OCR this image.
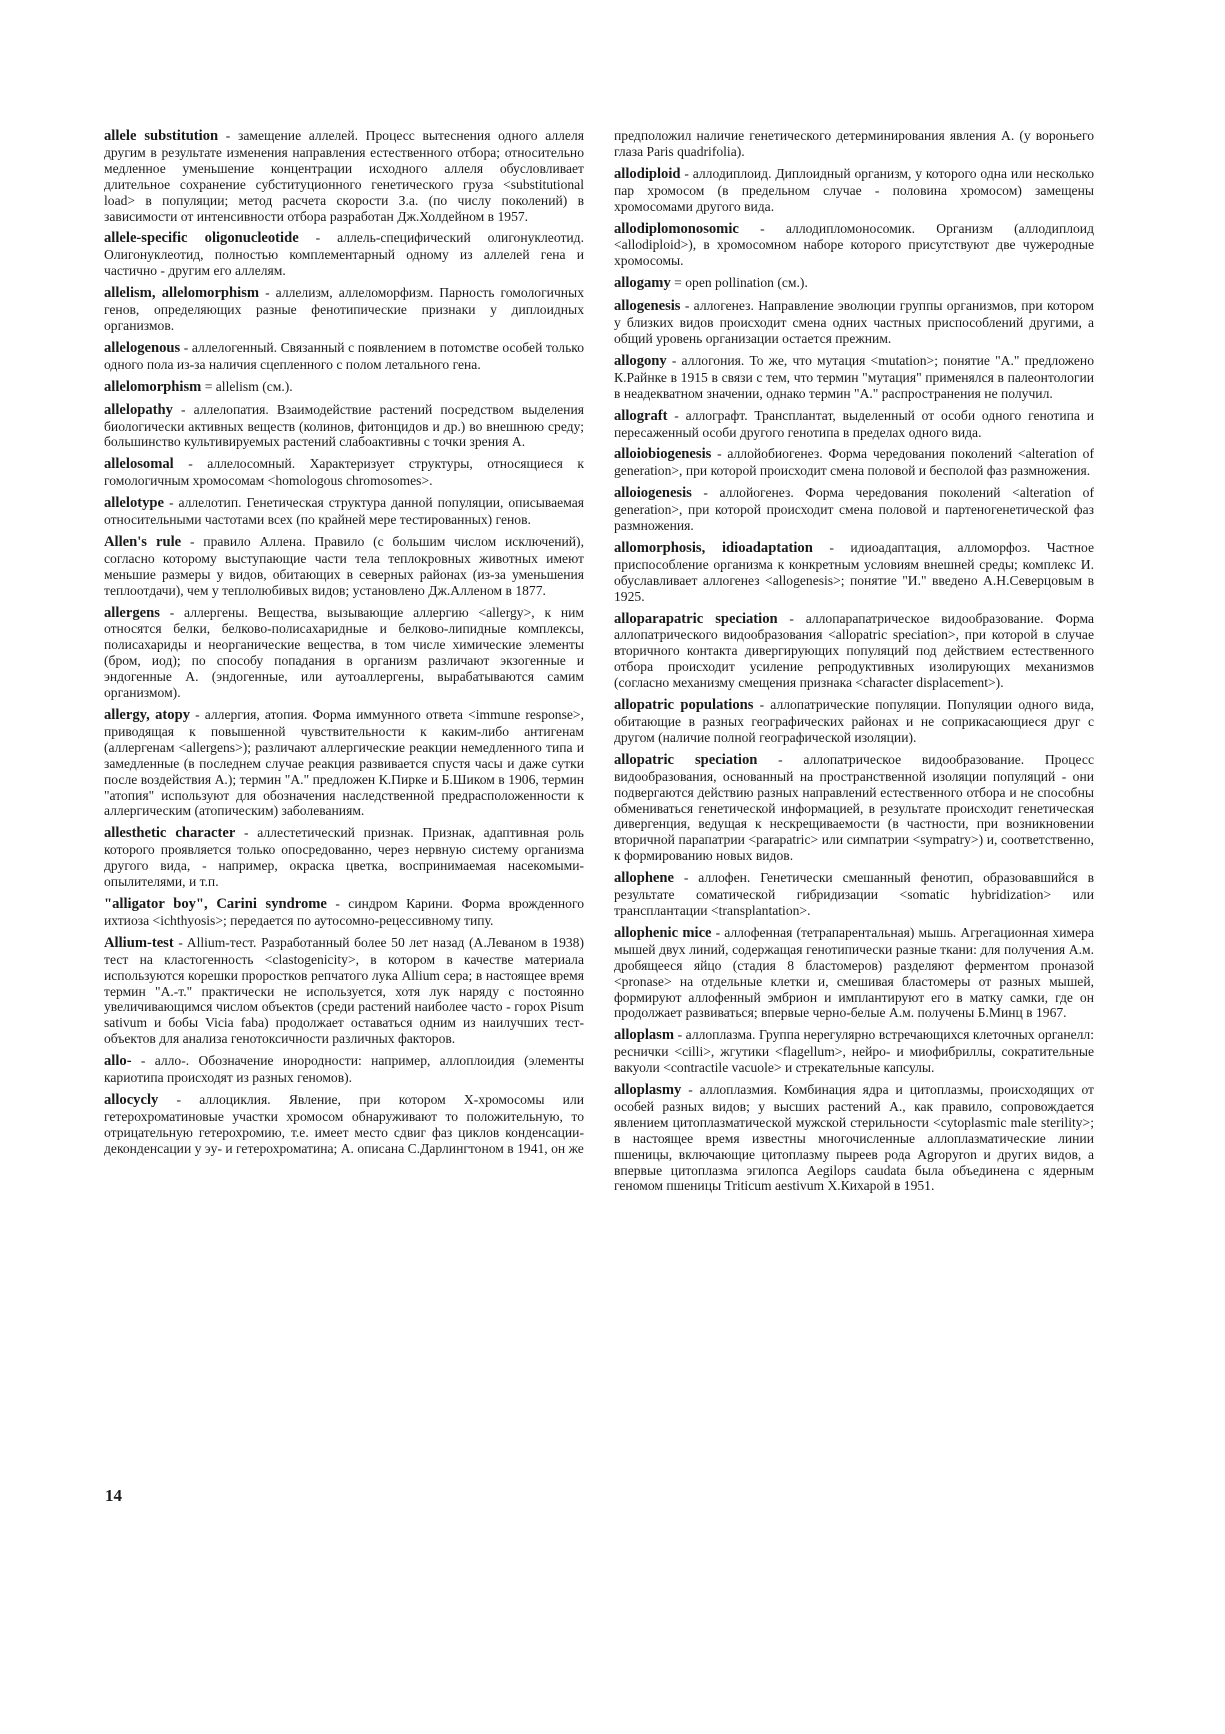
allele substitution - замещение аллелей. Процесс вытеснения одного аллеля другим в результате изменения направления естественного отбора; относительно медленное уменьшение концентрации исходного аллеля обусловливает длительное сохранение субституционного генетического груза <substitutional load> в популяции; метод расчета скорости З.а. (по числу поколений) в зависимости от интенсивности отбора разработан Дж.Холдейном в 1957.

allele-specific oligonucleotide - аллель-специфический олигонуклеотид. Олигонуклеотид, полностью комплементарный одному из аллелей гена и частично - другим его аллелям.

allelism, allelomorphism - аллелизм, аллеломорфизм. Парность гомологичных генов, определяющих разные фенотипические признаки у диплоидных организмов.

allelogenous - аллелогенный. Связанный с появлением в потомстве особей только одного пола из-за наличия сцепленного с полом летального гена.

allelomorphism = allelism (см.).

allelopathy - аллелопатия. Взаимодействие растений посредством выделения биологически активных веществ (колинов, фитонцидов и др.) во внешнюю среду; большинство культивируемых растений слабоактивны с точки зрения А.

allelosomal - аллелосомный. Характеризует структуры, относящиеся к гомологичным хромосомам <homologous chromosomes>.

allelotype - аллелотип. Генетическая структура данной популяции, описываемая относительными частотами всех (по крайней мере тестированных) генов.

Allen's rule - правило Аллена. Правило (с большим числом исключений), согласно которому выступающие части тела теплокровных животных имеют меньшие размеры у видов, обитающих в северных районах (из-за уменьшения теплоотдачи), чем у теплолюбивых видов; установлено Дж.Алленом в 1877.

allergens - аллергены. Вещества, вызывающие аллергию <allergy>, к ним относятся белки, белково-полисахаридные и белково-липидные комплексы, полисахариды и неорганические вещества, в том числе химические элементы (бром, иод); по способу попадания в организм различают экзогенные и эндогенные А. (эндогенные, или аутоаллергены, вырабатываются самим организмом).

allergy, atopy - аллергия, атопия. Форма иммунного ответа <immune response>, приводящая к повышенной чувствительности к каким-либо антигенам (аллергенам <allergens>); различают аллергические реакции немедленного типа и замедленные (в последнем случае реакция развивается спустя часы и даже сутки после воздействия А.); термин "А." предложен К.Пирке и Б.Шиком в 1906, термин "атопия" используют для обозначения наследственной предрасположенности к аллергическим (атопическим) заболеваниям.

allesthetic character - аллестетический признак. Признак, адаптивная роль которого проявляется только опосредованно, через нервную систему организма другого вида, - например, окраска цветка, воспринимаемая насекомыми-опылителями, и т.п.

"alligator boy", Carini syndrome - синдром Карини. Форма врожденного ихтиоза <ichthyosis>; передается по аутосомно-рецессивному типу.

Allium-test - Allium-тест. Разработанный более 50 лет назад (А.Леваном в 1938) тест на кластогенность <clastogenicity>, в котором в качестве материала используются корешки проростков репчатого лука Allium cepa; в настоящее время термин "А.-т." практически не используется, хотя лук наряду с постоянно увеличивающимся числом объектов (среди растений наиболее часто - горох Pisum sativum и бобы Vicia faba) продолжает оставаться одним из наилучших тест-объектов для анализа генотоксичности различных факторов.

allo- - алло-. Обозначение инородности: например, аллоплоидия (элементы кариотипа происходят из разных геномов).

allocycly - аллоциклия. Явление, при котором Х-хромосомы или гетерохроматиновые участки хромосом обнаруживают то положительную, то отрицательную гетерохромию, т.е. имеет место сдвиг фаз циклов конденсации-деконденсации у эу- и гетерохроматина; А. описана С.Дарлингтоном в 1941, он же

предположил наличие генетического детерминирования явления А. (у вороньего глаза Paris quadrifolia).

allodiploid - аллодиплоид. Диплоидный организм, у которого одна или несколько пар хромосом (в предельном случае - половина хромосом) замещены хромосомами другого вида.

allodiplomonosomic - аллодипломоносомик. Организм (аллодиплоид <allodiploid>), в хромосомном наборе которого присутствуют две чужеродные хромосомы.

allogamy = open pollination (см.).

allogenesis - аллогенез. Направление эволюции группы организмов, при котором у близких видов происходит смена одних частных приспособлений другими, а общий уровень организации остается прежним.

allogony - аллогония. То же, что мутация <mutation>; понятие "А." предложено К.Райнке в 1915 в связи с тем, что термин "мутация" применялся в палеонтологии в неадекватном значении, однако термин "А." распространения не получил.

allograft - аллографт. Трансплантат, выделенный от особи одного генотипа и пересаженный особи другого генотипа в пределах одного вида.

alloiobiogenesis - аллойобиогенез. Форма чередования поколений <alteration of generation>, при которой происходит смена половой и бесполой фаз размножения.

alloiogenesis - аллойогенез. Форма чередования поколений <alteration of generation>, при которой происходит смена половой и партеногенетической фаз размножения.

allomorphosis, idioadaptation - идиоадаптация, алломорфоз. Частное приспособление организма к конкретным условиям внешней среды; комплекс И. обуславливает аллогенез <allogenesis>; понятие "И." введено А.Н.Северцовым в 1925.

alloparapatric speciation - аллопарапатрическое видообразование. Форма аллопатрического видообразования <allopatric speciation>, при которой в случае вторичного контакта дивергирующих популяций под действием естественного отбора происходит усиление репродуктивных изолирующих механизмов (согласно механизму смещения признака <character displacement>).

allopatric populations - аллопатрические популяции. Популяции одного вида, обитающие в разных географических районах и не соприкасающиеся друг с другом (наличие полной географической изоляции).

allopatric speciation - аллопатрическое видообразование. Процесс видообразования, основанный на пространственной изоляции популяций - они подвергаются действию разных направлений естественного отбора и не способны обмениваться генетической информацией, в результате происходит генетическая дивергенция, ведущая к нескрещиваемости (в частности, при возникновении вторичной парапатрии <parapatric> или симпатрии <sympatry>) и, соответственно, к формированию новых видов.

allophene - аллофен. Генетически смешанный фенотип, образовавшийся в результате соматической гибридизации <somatic hybridization> или трансплантации <transplantation>.

allophenic mice - аллофенная (тетрапарентальная) мышь. Агрегационная химера мышей двух линий, содержащая генотипически разные ткани: для получения А.м. дробящееся яйцо (стадия 8 бластомеров) разделяют ферментом проназой <pronase> на отдельные клетки и, смешивая бластомеры от разных мышей, формируют аллофенный эмбрион и имплантируют его в матку самки, где он продолжает развиваться; впервые черно-белые А.м. получены Б.Минц в 1967.

alloplasm - аллоплазма. Группа нерегулярно встречающихся клеточных органелл: реснички <cilli>, жгутики <flagellum>, нейро- и миофибриллы, сократительные вакуоли <contractile vacuole> и стрекательные капсулы.

alloplasmy - аллоплазмия. Комбинация ядра и цитоплазмы, происходящих от особей разных видов; у высших растений А., как правило, сопровождается явлением цитоплазматической мужской стерильности <cytoplasmic male sterility>; в настоящее время известны многочисленные аллоплазматические линии пшеницы, включающие цитоплазму пыреев рода Agropyron и других видов, а впервые цитоплазма эгилопса Aegilops caudata была объединена с ядерным геномом пшеницы Triticum aestivum Х.Кихарой в 1951.

14
